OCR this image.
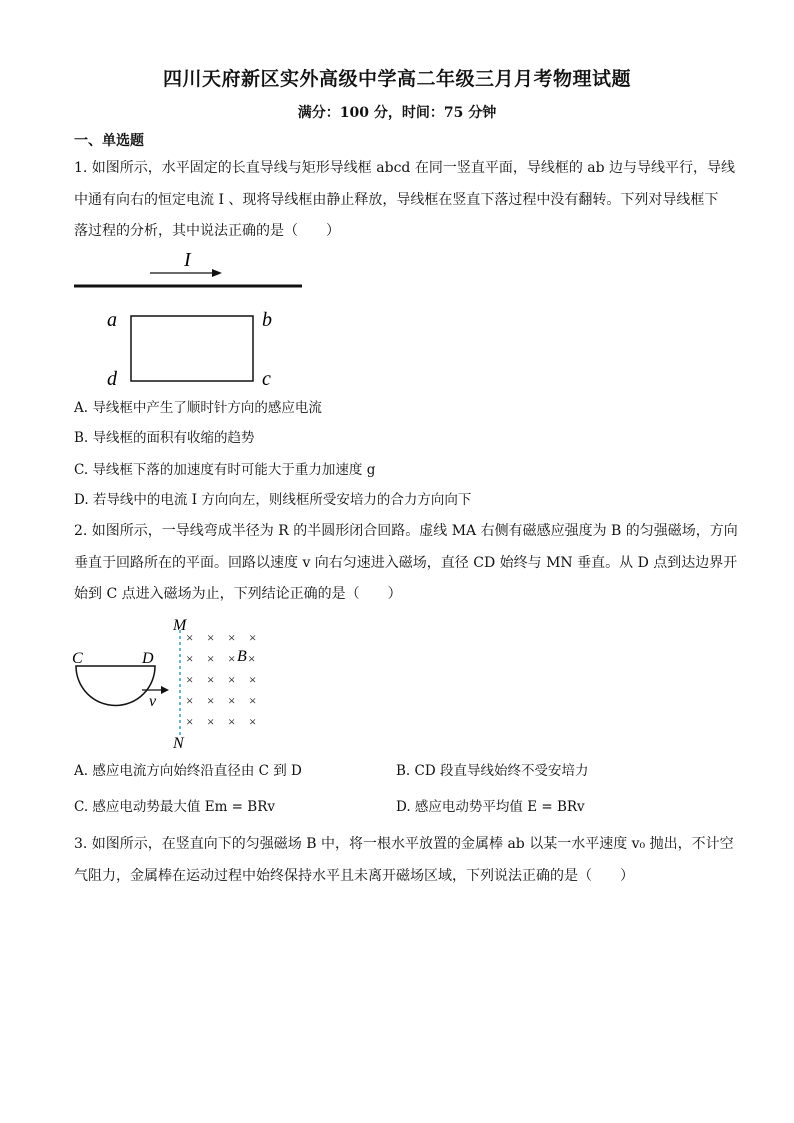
四川天府新区实外高级中学高二年级三月月考物理试题
满分：100 分，时间：75 分钟
一、单选题
1. 如图所示，水平固定的长直导线与矩形导线框 abcd 在同一竖直平面，导线框的 ab 边与导线平行，导线
中通有向右的恒定电流 I 、现将导线框由静止释放，导线框在竖直下落过程中没有翻转。下列对导线框下
落过程的分析，其中说法正确的是（　　）
I
a	b
d	c
A. 导线框中产生了顺时针方向的感应电流
B. 导线框的面积有收缩的趋势
C. 导线框下落的加速度有时可能大于重力加速度 g
D. 若导线中的电流 I 方向向左，则线框所受安培力的合力方向向下
2. 如图所示，一导线弯成半径为 R 的半圆形闭合回路。虚线 MA 右侧有磁感应强度为 B 的匀强磁场，方向
垂直于回路所在的平面。回路以速度 v 向右匀速进入磁场，直径 CD 始终与 MN 垂直。从 D 点到达边界开
始到 C 点进入磁场为止，下列结论正确的是（　　）
M
N
× × × ×
× × ×
× × × ×
× × × ×
× × × ×
×
B
C	D
v
A. 感应电流方向始终沿直径由 C 到 D	B. CD 段直导线始终不受安培力
C. 感应电动势最大值 Em = BRv	D. 感应电动势平均值 E = BRv
3. 如图所示，在竖直向下的匀强磁场 B 中，将一根水平放置的金属棒 ab 以某一水平速度 v₀ 抛出，不计空
气阻力，金属棒在运动过程中始终保持水平且未离开磁场区域，下列说法正确的是（　　）
